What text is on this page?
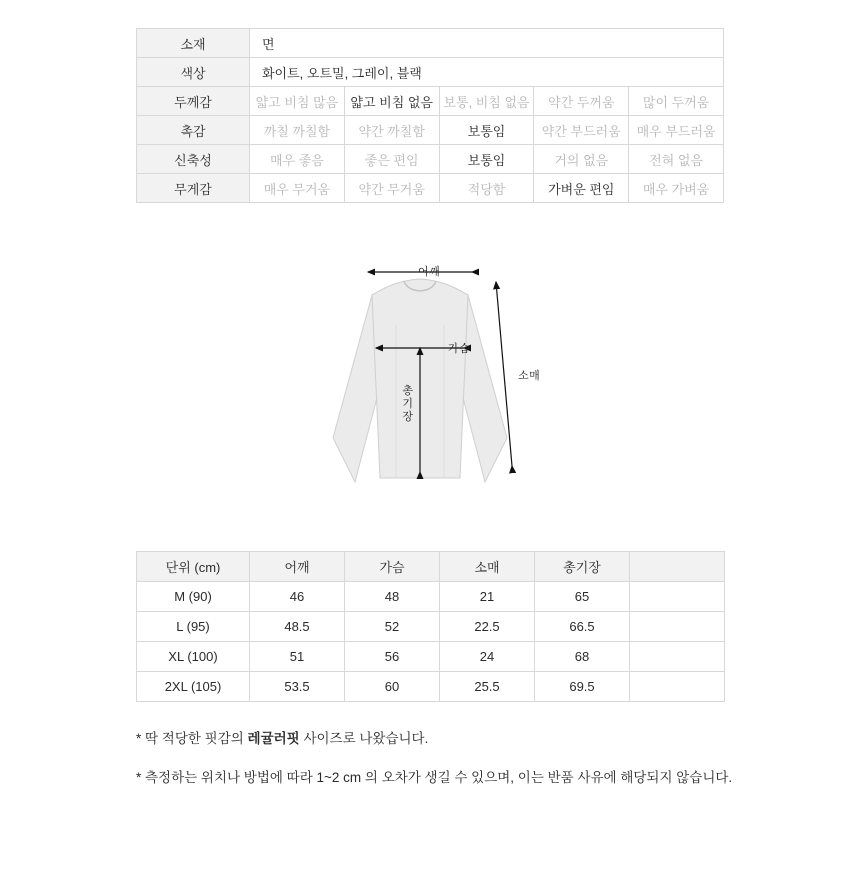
소재	면				
색상	화이트, 오트밀, 그레이, 블랙				
두께감	얇고 비침 많음	얇고 비침 없음	보통, 비침 없음	약간 두꺼움	많이 두꺼움
촉감	까칠 까칠함	약간 까칠함	보통임	약간 부드러움	매우 부드러움
신축성	매우 좋음	좋은 편임	보통임	거의 없음	전혀 없음
무게감	매우 무거움	약간 무거움	적당함	가벼운 편임	매우 가벼움
어깨
가슴
소매
총기장
단위 (cm)	어깨	가슴	소매	총기장	
M (90)	46	48	21	65	
L (95)	48.5	52	22.5	66.5	
XL (100)	51	56	24	68	
2XL (105)	53.5	60	25.5	69.5	
* 딱 적당한 핏감의 레귤러핏 사이즈로 나왔습니다.
* 측정하는 위치나 방법에 따라 1~2 cm 의 오차가 생길 수 있으며, 이는 반품 사유에 해당되지 않습니다.
